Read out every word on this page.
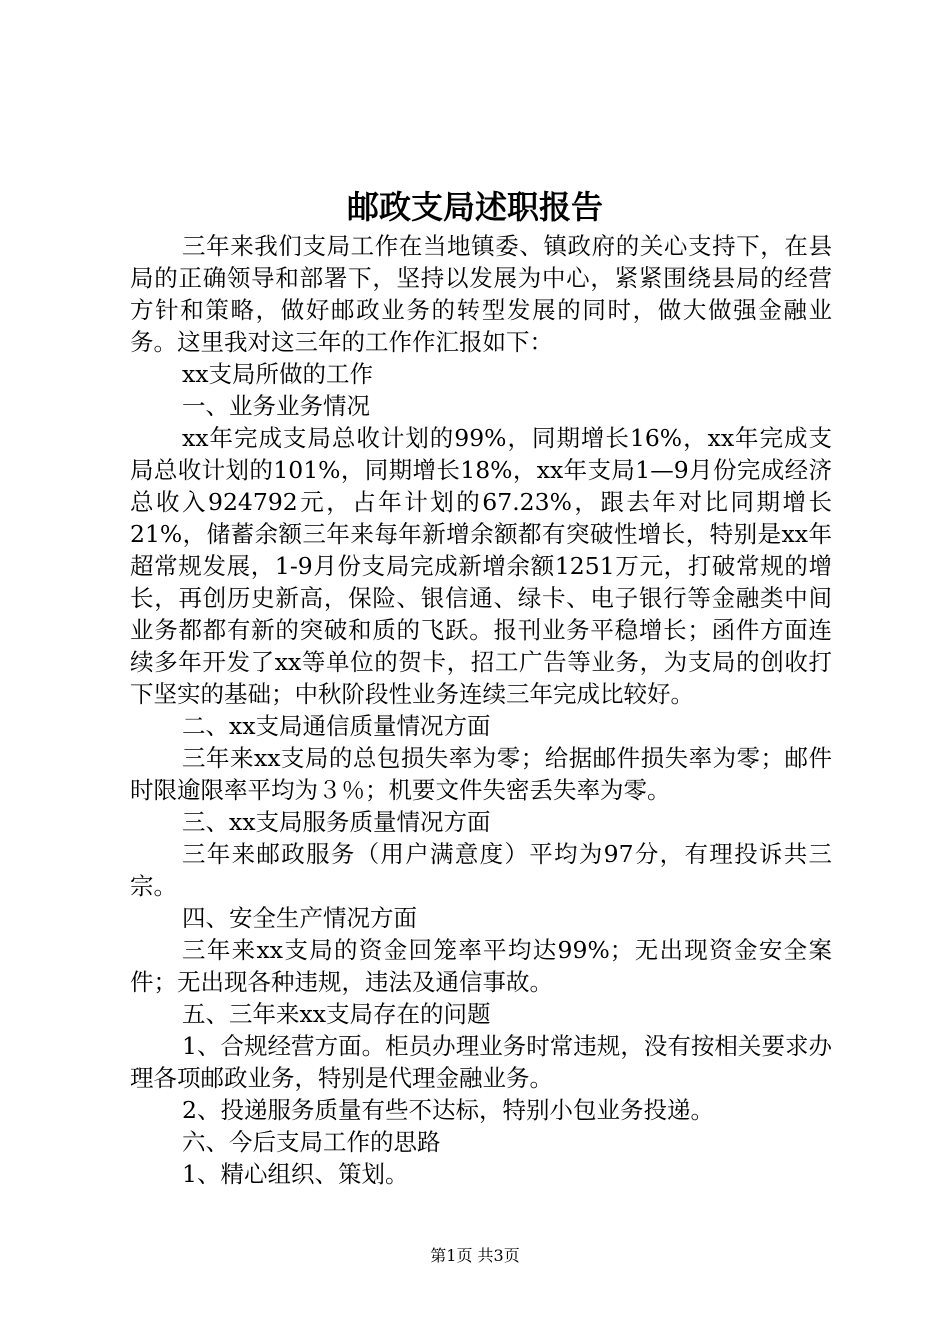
邮政支局述职报告

三年来我们支局工作在当地镇委、镇政府的关心支持下，在县局的正确领导和部署下，坚持以发展为中心，紧紧围绕县局的经营方针和策略，做好邮政业务的转型发展的同时，做大做强金融业务。这里我对这三年的工作作汇报如下：

xx支局所做的工作

一、业务业务情况

xx年完成支局总收计划的99%，同期增长16%，xx年完成支局总收计划的101%，同期增长18%，xx年支局1—9月份完成经济总收入924792元，占年计划的67.23%，跟去年对比同期增长21%，储蓄余额三年来每年新增余额都有突破性增长，特别是xx年超常规发展，1-9月份支局完成新增余额1251万元，打破常规的增长，再创历史新高，保险、银信通、绿卡、电子银行等金融类中间业务都都有新的突破和质的飞跃。报刊业务平稳增长；函件方面连续多年开发了xx等单位的贺卡，招工广告等业务，为支局的创收打下坚实的基础；中秋阶段性业务连续三年完成比较好。

二、xx支局通信质量情况方面

三年来xx支局的总包损失率为零；给据邮件损失率为零；邮件时限逾限率平均为３％；机要文件失密丢失率为零。

三、xx支局服务质量情况方面

三年来邮政服务（用户满意度）平均为97分，有理投诉共三宗。

四、安全生产情况方面

三年来xx支局的资金回笼率平均达99%；无出现资金安全案件；无出现各种违规，违法及通信事故。

五、三年来xx支局存在的问题

1、合规经营方面。柜员办理业务时常违规，没有按相关要求办理各项邮政业务，特别是代理金融业务。

2、投递服务质量有些不达标，特别小包业务投递。

六、今后支局工作的思路

1、精心组织、策划。

第1页 共3页
